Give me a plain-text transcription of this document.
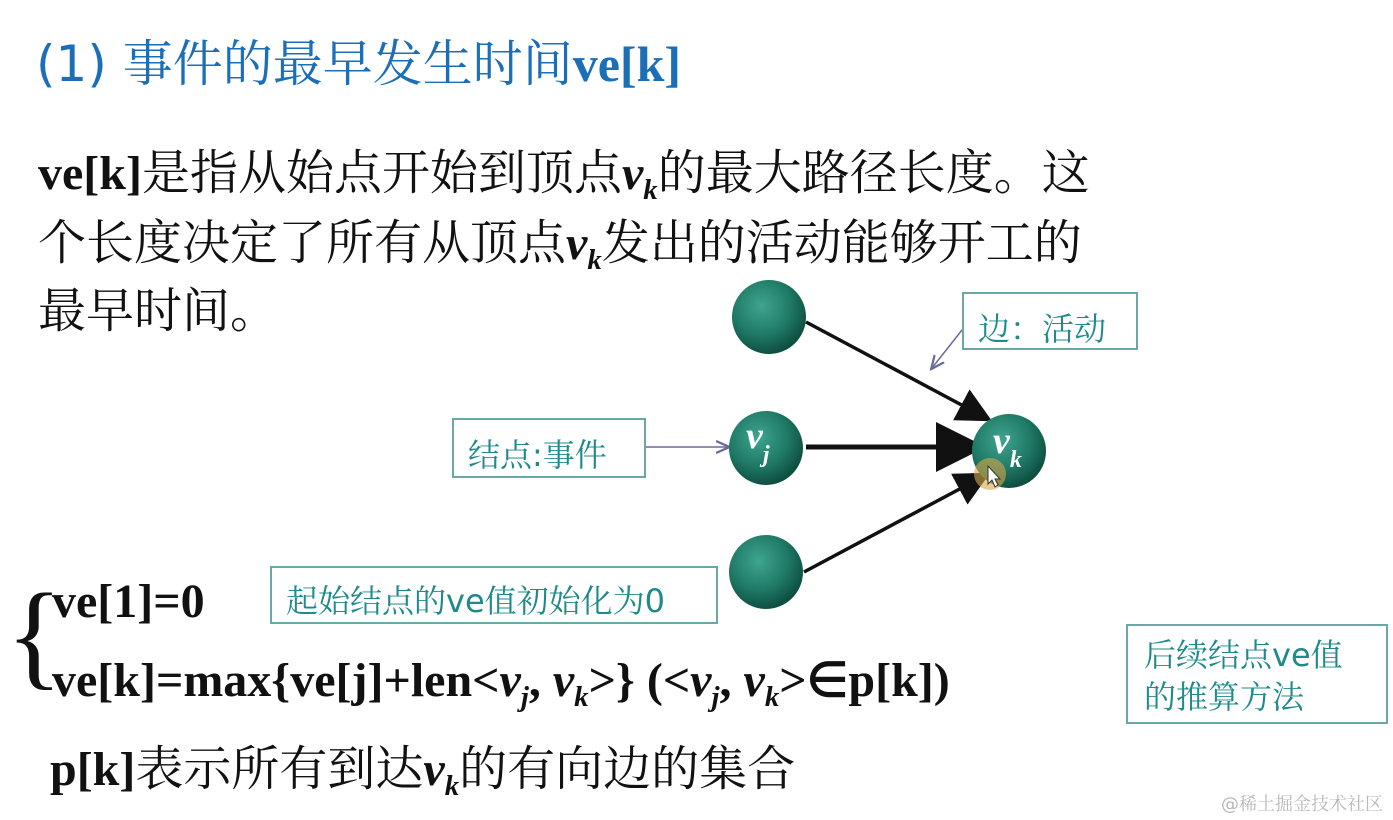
(1) 事件的最早发生时间ve[k]
ve[k]是指从始点开始到顶点$v_k$的最大路径长度。这
个长度决定了所有从顶点$v_k$发出的活动能够开工的
最早时间。
$v_j$	$v_k$
边：活动
结点:事件
起始结点的ve值初始化为0
后续结点ve值
的推算方法
{
ve[1]=0
$ve[k]=\max\{ve[j]+len<v_j$, $v_k>$} ($<v_j$, $v_k>\in p[k]$)
p[k]表示所有到达$v_k$的有向边的集合
@稀土掘金技术社区
